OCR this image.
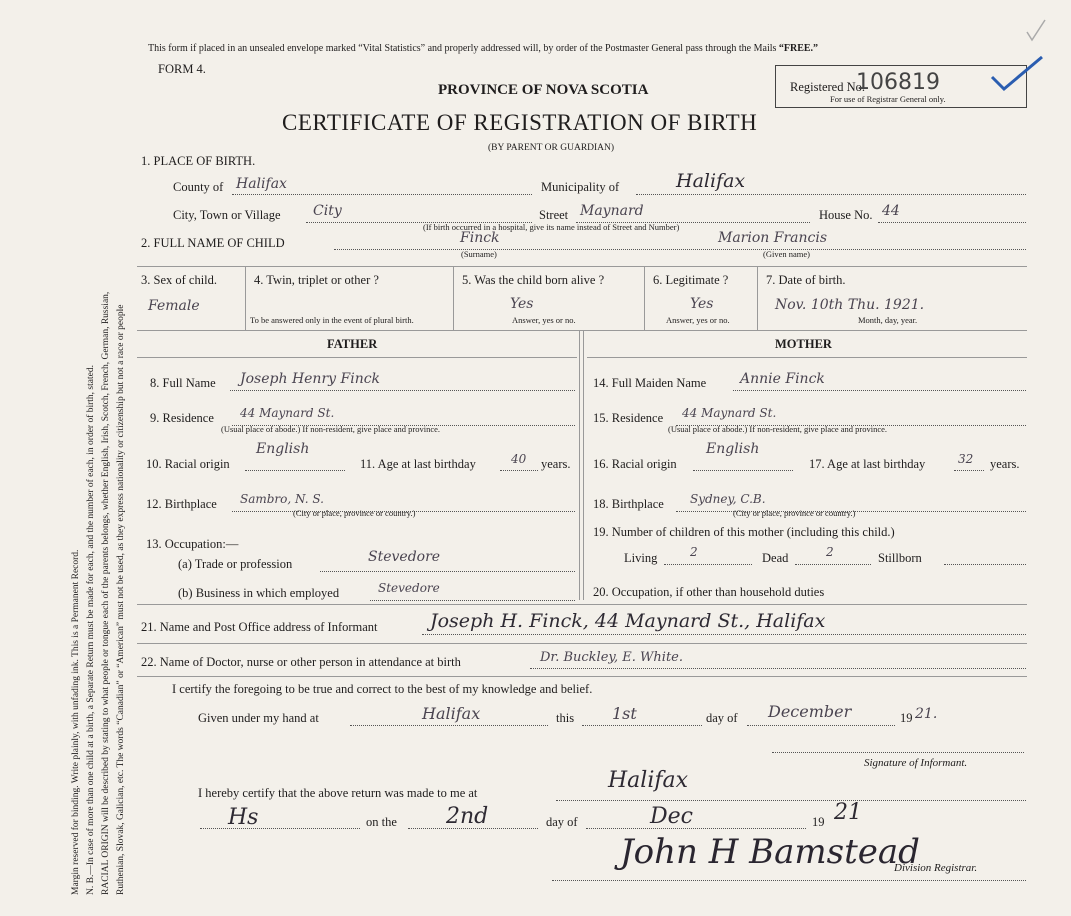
Margin reserved for binding. Write plainly, with unfading ink. This is a Permanent Record. N. B.—In case of more than one child at a birth, a Separate Return must be made for each, and the number of each, in order of birth, stated. RACIAL ORIGIN will be described by stating to what people or tongue each of the parents belongs, whether English, Irish, Scotch, French, German, Russian, Ruthenian, Slovak, Galician, etc. The words “Canadian” or “American” must not be used, as they express nationality or citizenship but not a race or people
This form if placed in an unsealed envelope marked “Vital Statistics” and properly addressed will, by order of the Postmaster General pass through the Mails “FREE.”
FORM 4.
Registered No.
106819
For use of Registrar General only.
PROVINCE OF NOVA SCOTIA
CERTIFICATE OF REGISTRATION OF BIRTH
(BY PARENT OR GUARDIAN)
1. PLACE OF BIRTH.
County of Halifax	Municipality of	Halifax
City, Town or Village City	Street Maynard	House No. 44
(If birth occurred in a hospital, give its name instead of Street and Number)
2. FULL NAME OF CHILD	Finck	Marion Francis
(Surname)	(Given name)
3. Sex of child.
Female
4. Twin, triplet or other ?
To be answered only in the event of plural birth.
5. Was the child born alive ?
Yes
Answer, yes or no.
6. Legitimate ?
Yes
Answer, yes or no.
7. Date of birth.
Nov. 10th Thu. 1921.
Month, day, year.
FATHER	MOTHER
8. Full Name Joseph Henry Finck
9. Residence 44 Maynard St.
(Usual place of abode.) If non-resident, give place and province.
10. Racial origin
English
11. Age at last birthday	40 years.
12. Birthplace Sambro, N. S.
(City or place, province or country.)
13. Occupation:—
(a) Trade or profession	Stevedore
(b) Business in which employed	Stevedore
14. Full Maiden Name Annie Finck
15. Residence 44 Maynard St.
(Usual place of abode.) If non-resident, give place and province.
16. Racial origin
English
17. Age at last birthday	32 years.
18. Birthplace Sydney, C.B.
(City or place, province or country.)
19. Number of children of this mother (including this child.)
Living	2	Dead	2	Stillborn
20. Occupation, if other than household duties
21. Name and Post Office address of Informant	Joseph H. Finck, 44 Maynard St., Halifax
22. Name of Doctor, nurse or other person in attendance at birth	Dr. Buckley, E. White.
I certify the foregoing to be true and correct to the best of my knowledge and belief.
Given under my hand at	Halifax	this 1st	day of December	19 21.
Signature of Informant.
I hereby certify that the above return was made to me at	Halifax
Hs	on the 2nd	day of	Dec	19 21
John H Bamstead
Division Registrar.
